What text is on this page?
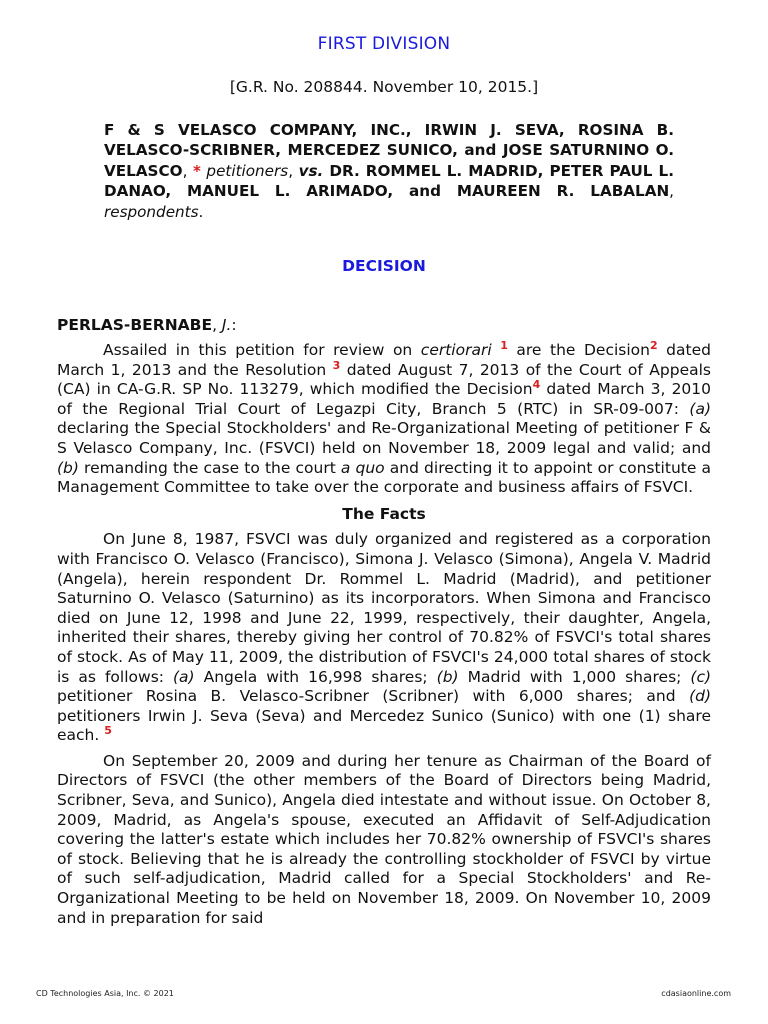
FIRST DIVISION
[G.R. No. 208844. November 10, 2015.]
F & S VELASCO COMPANY, INC., IRWIN J. SEVA, ROSINA B. VELASCO-SCRIBNER, MERCEDEZ SUNICO, and JOSE SATURNINO O. VELASCO, * petitioners, vs. DR. ROMMEL L. MADRID, PETER PAUL L. DANAO, MANUEL L. ARIMADO, and MAUREEN R. LABALAN, respondents.
DECISION
PERLAS-BERNABE, J.:

Assailed in this petition for review on certiorari $^1$ are the Decision$^2$ dated March 1, 2013 and the Resolution $^3$ dated August 7, 2013 of the Court of Appeals (CA) in CA-G.R. SP No. 113279, which modified the Decision$^4$ dated March 3, 2010 of the Regional Trial Court of Legazpi City, Branch 5 (RTC) in SR-09-007: (a) declaring the Special Stockholders' and Re-Organizational Meeting of petitioner F & S Velasco Company, Inc. (FSVCI) held on November 18, 2009 legal and valid; and (b) remanding the case to the court a quo and directing it to appoint or constitute a Management Committee to take over the corporate and business affairs of FSVCI.

The Facts

On June 8, 1987, FSVCI was duly organized and registered as a corporation with Francisco O. Velasco (Francisco), Simona J. Velasco (Simona), Angela V. Madrid (Angela), herein respondent Dr. Rommel L. Madrid (Madrid), and petitioner Saturnino O. Velasco (Saturnino) as its incorporators. When Simona and Francisco died on June 12, 1998 and June 22, 1999, respectively, their daughter, Angela, inherited their shares, thereby giving her control of 70.82% of FSVCI's total shares of stock. As of May 11, 2009, the distribution of FSVCI's 24,000 total shares of stock is as follows: (a) Angela with 16,998 shares; (b) Madrid with 1,000 shares; (c) petitioner Rosina B. Velasco-Scribner (Scribner) with 6,000 shares; and (d) petitioners Irwin J. Seva (Seva) and Mercedez Sunico (Sunico) with one (1) share each. $^5$

On September 20, 2009 and during her tenure as Chairman of the Board of Directors of FSVCI (the other members of the Board of Directors being Madrid, Scribner, Seva, and Sunico), Angela died intestate and without issue. On October 8, 2009, Madrid, as Angela's spouse, executed an Affidavit of Self-Adjudication covering the latter's estate which includes her 70.82% ownership of FSVCI's shares of stock. Believing that he is already the controlling stockholder of FSVCI by virtue of such self-adjudication, Madrid called for a Special Stockholders' and Re-Organizational Meeting to be held on November 18, 2009. On November 10, 2009 and in preparation for said

CD Technologies Asia, Inc. © 2021	cdasiaonline.com
